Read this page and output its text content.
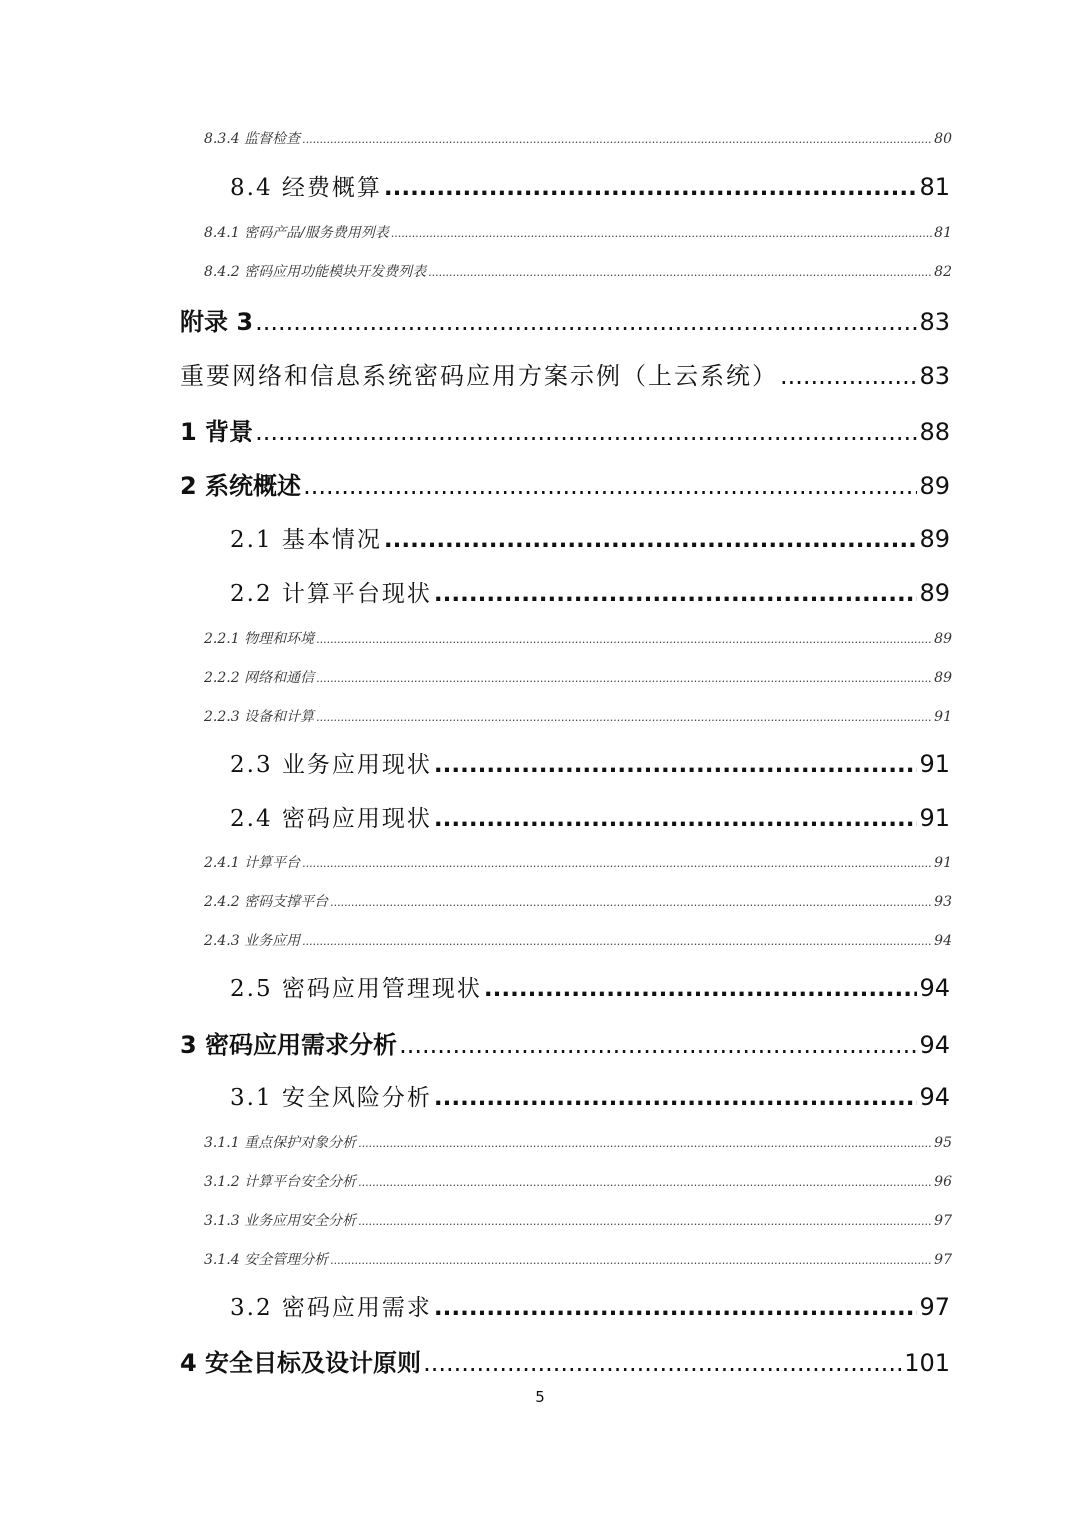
8.3.4 监督检查 .....	80
8.4 经费概算 .....	81
8.4.1 密码产品/服务费用列表 .....	81
8.4.2 密码应用功能模块开发费列表 .....	82
附录 3 .....	83
重要网络和信息系统密码应用方案示例（上云系统） .....	83
1 背景 .....	88
2 系统概述 .....	89
2.1 基本情况 .....	89
2.2 计算平台现状 .....	89
2.2.1 物理和环境 .....	89
2.2.2 网络和通信 .....	89
2.2.3 设备和计算 .....	91
2.3 业务应用现状 .....	91
2.4 密码应用现状 .....	91
2.4.1 计算平台 .....	91
2.4.2 密码支撑平台 .....	93
2.4.3 业务应用 .....	94
2.5 密码应用管理现状 .....	94
3 密码应用需求分析 .....	94
3.1 安全风险分析 .....	94
3.1.1 重点保护对象分析 .....	95
3.1.2 计算平台安全分析 .....	96
3.1.3 业务应用安全分析 .....	97
3.1.4 安全管理分析 .....	97
3.2 密码应用需求 .....	97
4 安全目标及设计原则 .....	101
5
